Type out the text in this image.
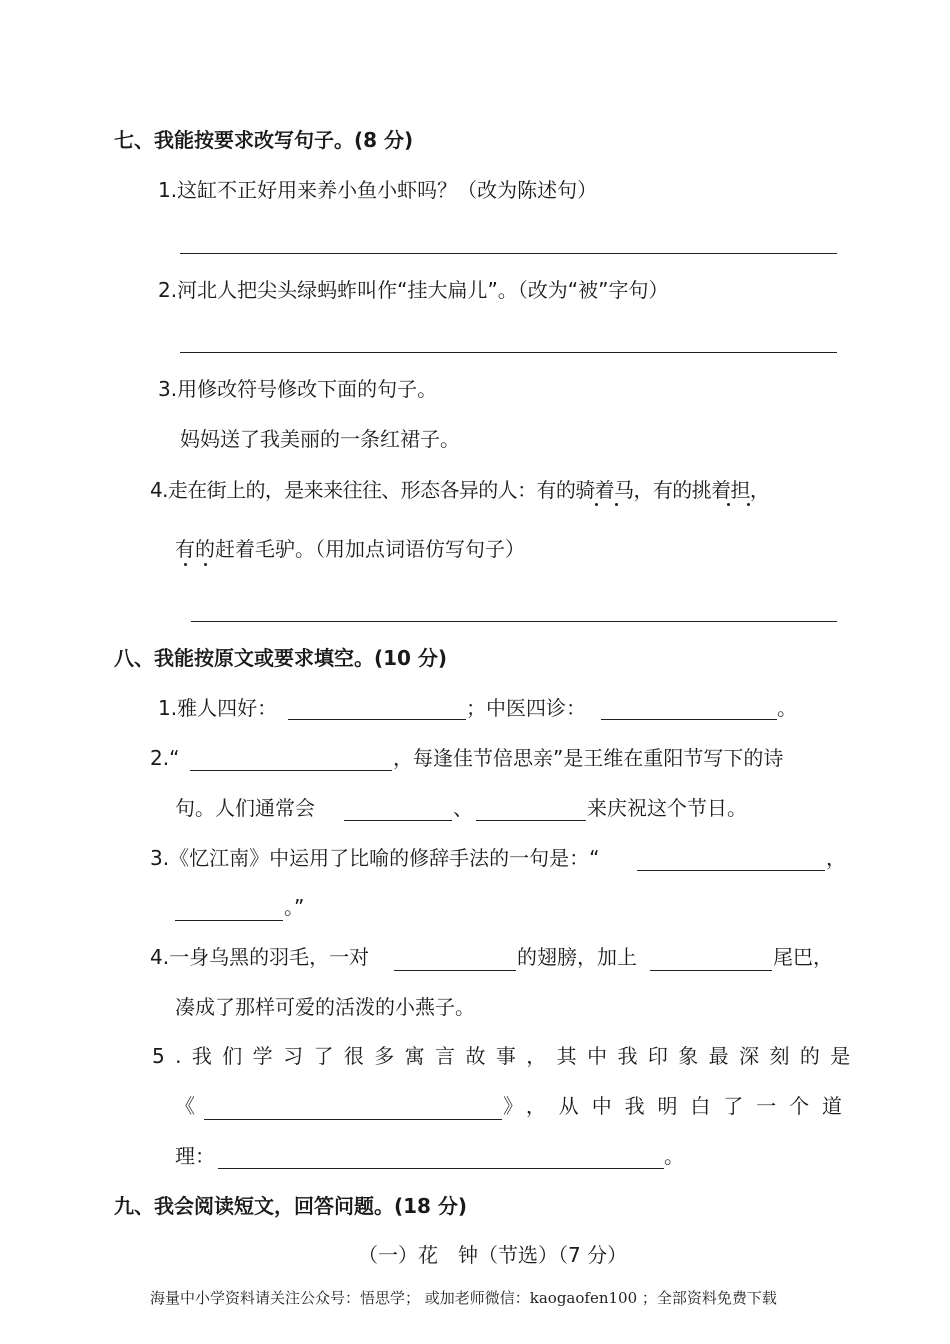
七、我能按要求改写句子。(8 分)
1.这缸不正好用来养小鱼小虾吗？（改为陈述句）
2.河北人把尖头绿蚂蚱叫作“挂大扁儿”。（改为“被”字句）
3.用修改符号修改下面的句子。
妈妈送了我美丽的一条红裙子。
4.走在街上的，是来来往往、形态各异的人：有的骑着马，有的挑着担，
有的赶着毛驴。（用加点词语仿写句子）
八、我能按原文或要求填空。(10 分)
1.雅人四好：	；中医四诊：	。
2.“	，每逢佳节倍思亲”是王维在重阳节写下的诗
句。人们通常会	、	来庆祝这个节日。
3.《忆江南》中运用了比喻的修辞手法的一句是：“	，
。”
4.一身乌黑的羽毛，一对	的翅膀，加上	尾巴，
凑成了那样可爱的活泼的小燕子。
5.我们学习了很多寓言故事，其中我印象最深刻的是
《	》，从中我明白了一个道
理：	。
九、我会阅读短文，回答问题。(18 分)
（一）花　钟（节选）（7 分）
海量中小学资料请关注公众号：悟思学； 或加老师微信：kaogaofen100 ；全部资料免费下载
